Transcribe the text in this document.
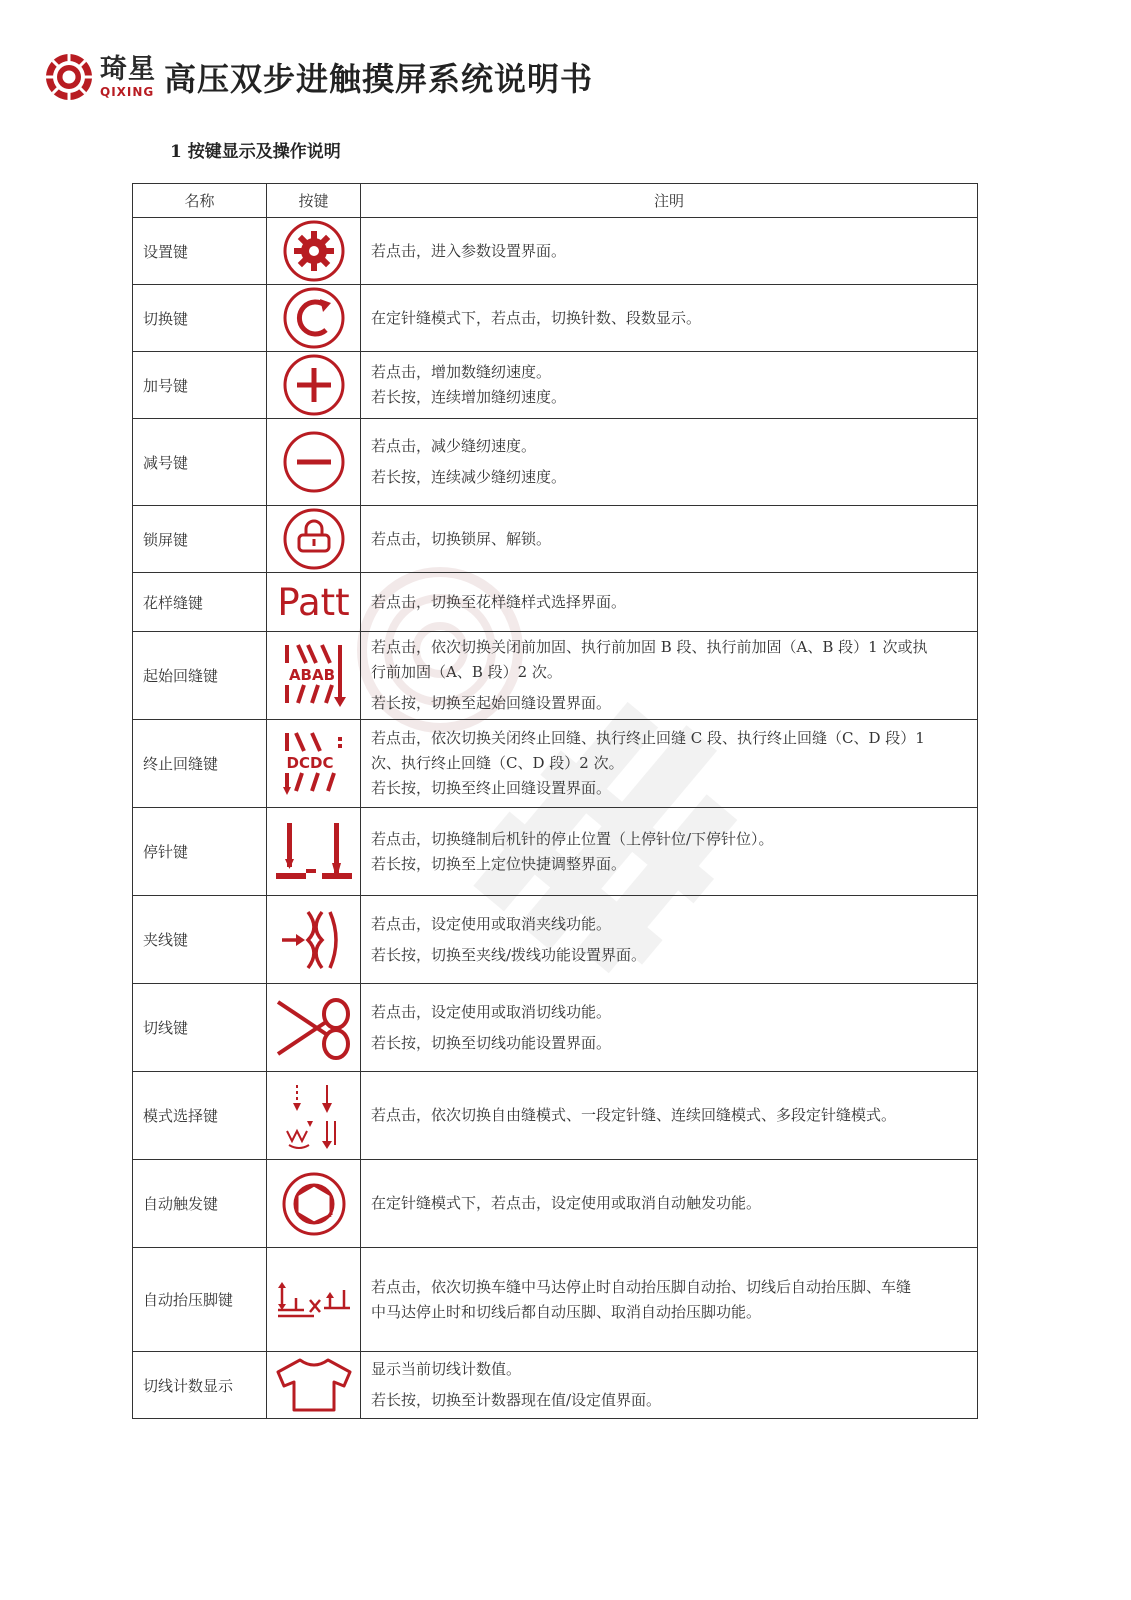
琦星
QIXING 高压双步进触摸屏系统说明书
1 按键显示及操作说明
名称	按键	注明
设置键		若点击，进入参数设置界面。

切换键		在定针缝模式下，若点击，切换针数、段数显示。

加号键		若点击，增加数缝纫速度。
若长按，连续增加缝纫速度。

减号键		若点击，减少缝纫速度。
若长按，连续减少缝纫速度。

锁屏键		若点击，切换锁屏、解锁。

花样缝键	Patt	若点击，切换至花样缝样式选择界面。

起始回缝键	ABAB	若点击，依次切换关闭前加固、执行前加固 B 段、执行前加固（A、B 段）1 次或执
行前加固（A、B 段）2 次。
若长按，切换至起始回缝设置界面。

终止回缝键	DCDC	若点击，依次切换关闭终止回缝、执行终止回缝 C 段、执行终止回缝（C、D 段）1
次、执行终止回缝（C、D 段）2 次。
若长按，切换至终止回缝设置界面。

停针键		若点击，切换缝制后机针的停止位置（上停针位/下停针位）。
若长按，切换至上定位快捷调整界面。

夹线键		若点击，设定使用或取消夹线功能。
若长按，切换至夹线/拨线功能设置界面。

切线键		若点击，设定使用或取消切线功能。
若长按，切换至切线功能设置界面。

模式选择键		若点击，依次切换自由缝模式、一段定针缝、连续回缝模式、多段定针缝模式。

自动触发键		在定针缝模式下，若点击，设定使用或取消自动触发功能。

自动抬压脚键		若点击，依次切换车缝中马达停止时自动抬压脚自动抬、切线后自动抬压脚、车缝
中马达停止时和切线后都自动压脚、取消自动抬压脚功能。

切线计数显示		显示当前切线计数值。
若长按，切换至计数器现在值/设定值界面。
